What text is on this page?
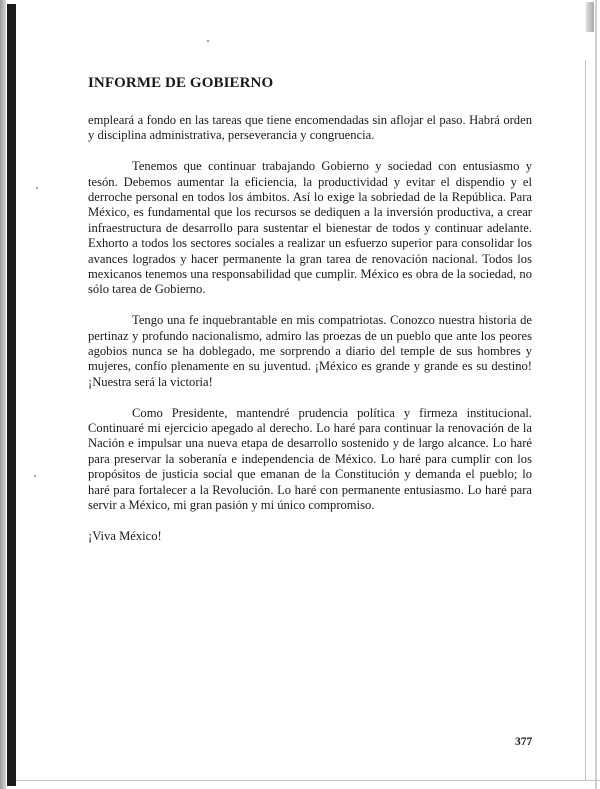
INFORME DE GOBIERNO

empleará a fondo en las tareas que tiene encomendadas sin aflojar el paso. Habrá orden y disciplina administrativa, perseverancia y congruencia.

Tenemos que continuar trabajando Gobierno y sociedad con entusiasmo y tesón. Debemos aumentar la eficiencia, la productividad y evitar el dispendio y el derroche personal en todos los ámbitos. Así lo exige la sobriedad de la República. Para México, es fundamental que los recursos se dediquen a la inversión productiva, a crear infraestructura de desarrollo para sustentar el bienestar de todos y continuar adelante. Exhorto a todos los sectores sociales a realizar un esfuerzo superior para consolidar los avances logrados y hacer permanente la gran tarea de renovación nacional. Todos los mexicanos tenemos una responsabilidad que cumplir. México es obra de la sociedad, no sólo tarea de Gobierno.

Tengo una fe inquebrantable en mis compatriotas. Conozco nuestra historia de pertinaz y profundo nacionalismo, admiro las proezas de un pueblo que ante los peores agobios nunca se ha doblegado, me sorprendo a diario del temple de sus hombres y mujeres, confío plenamente en su juventud. ¡México es grande y grande es su destino! ¡Nuestra será la victoria!

Como Presidente, mantendré prudencia política y firmeza institucional. Continuaré mi ejercicio apegado al derecho. Lo haré para continuar la renovación de la Nación e impulsar una nueva etapa de desarrollo sostenido y de largo alcance. Lo haré para preservar la soberanía e independencia de México. Lo haré para cumplir con los propósitos de justicia social que emanan de la Constitución y demanda el pueblo; lo haré para fortalecer a la Revolución. Lo haré con permanente entusiasmo. Lo haré para servir a México, mi gran pasión y mi único compromiso.

¡Viva México!

377
